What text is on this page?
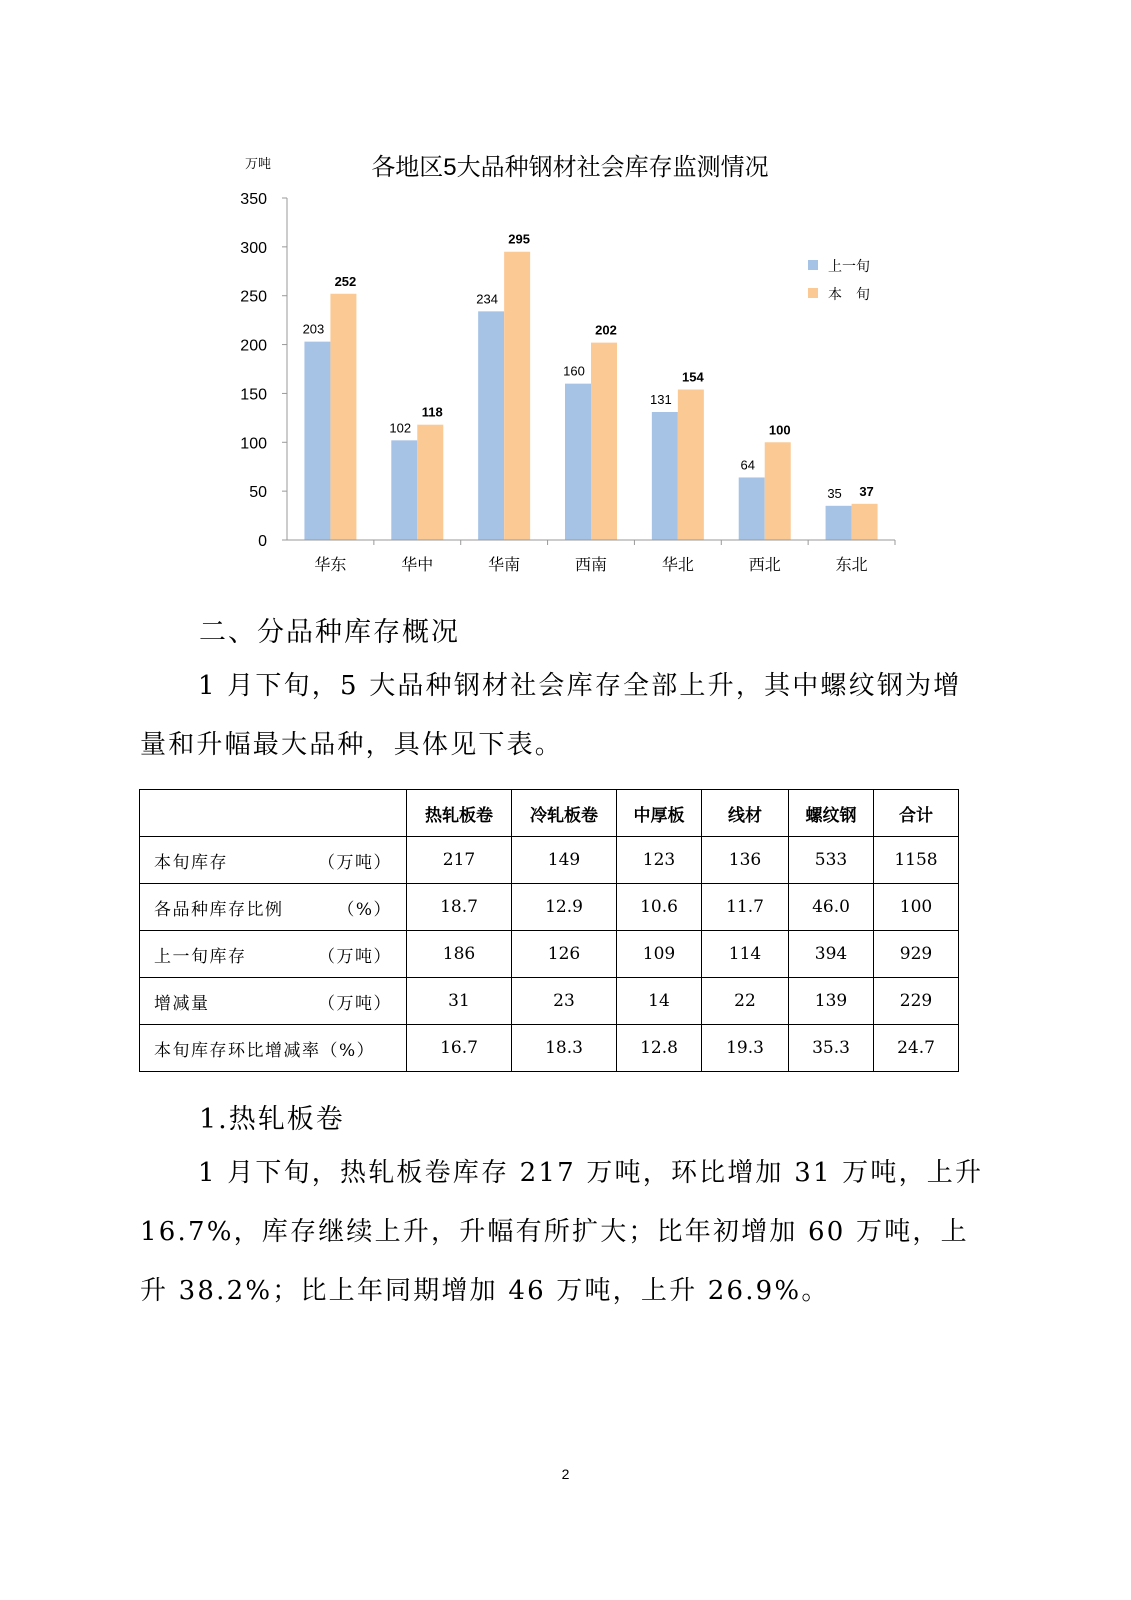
各地区5大品种钢材社会库存监测情况
万吨
0
50
100
150
200
250
300
350
203
252
102
118
234
295
160
202
131
154
64
100
35 37
华东	华中	华南	西南	华北	西北	东北
上一旬
本　旬
二、分品种库存概况
1 月下旬，5 大品种钢材社会库存全部上升，其中螺纹钢为增
量和升幅最大品种，具体见下表。
	热轧板卷	冷轧板卷	中厚板	线材	螺纹钢	合计
本旬库存 （万吨）	217	149	123	136	533	1158
各品种库存比例 （%）	18.7	12.9	10.6	11.7	46.0	100
上一旬库存 （万吨）	186	126	109	114	394	929
增减量 （万吨）	31	23	14	22	139	229
本旬库存环比增减率（%）	16.7	18.3	12.8	19.3	35.3	24.7
1.热轧板卷
1 月下旬，热轧板卷库存 217 万吨，环比增加 31 万吨，上升
16.7%，库存继续上升，升幅有所扩大；比年初增加 60 万吨，上
升 38.2%；比上年同期增加 46 万吨，上升 26.9%。
2
